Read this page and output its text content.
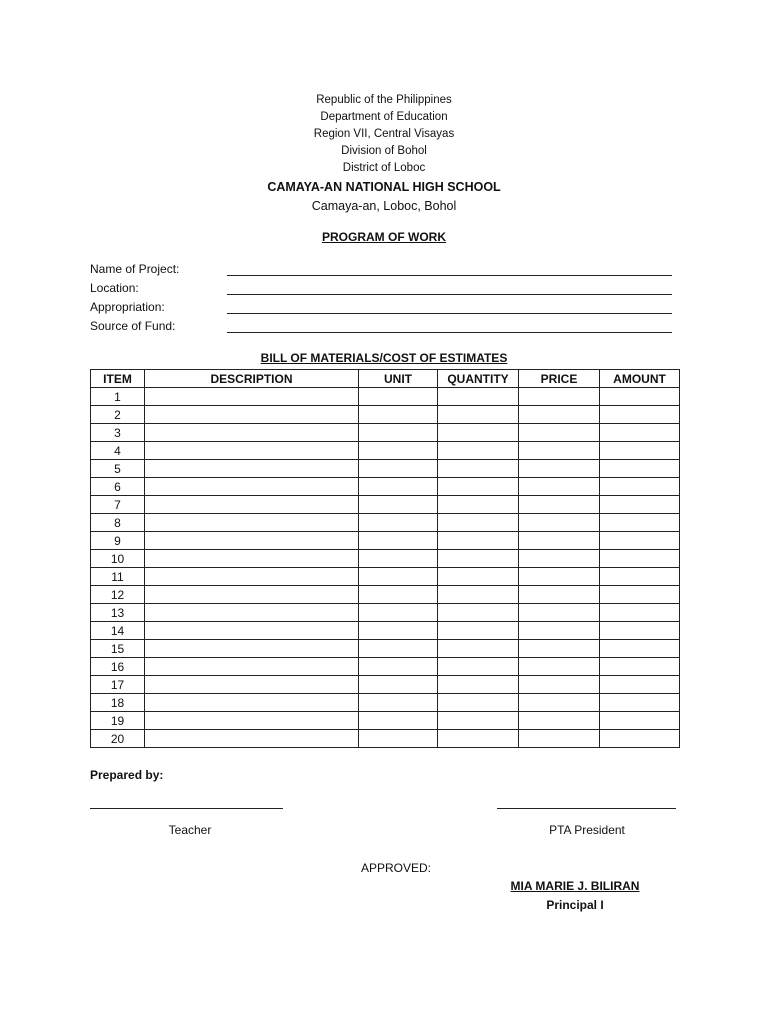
Republic of the Philippines
Department of Education
Region VII, Central Visayas
Division of Bohol
District of Loboc
CAMAYA-AN NATIONAL HIGH SCHOOL
Camaya-an, Loboc, Bohol
PROGRAM OF WORK
Name of Project:
Location:
Appropriation:
Source of Fund:
BILL OF MATERIALS/COST OF ESTIMATES
ITEM	DESCRIPTION	UNIT	QUANTITY	PRICE	AMOUNT
1					
2					
3					
4					
5					
6					
7					
8					
9					
10					
11					
12					
13					
14					
15					
16					
17					
18					
19					
20					
Prepared by:
Teacher	PTA President
APPROVED:
MIA MARIE J. BILIRAN
Principal I
